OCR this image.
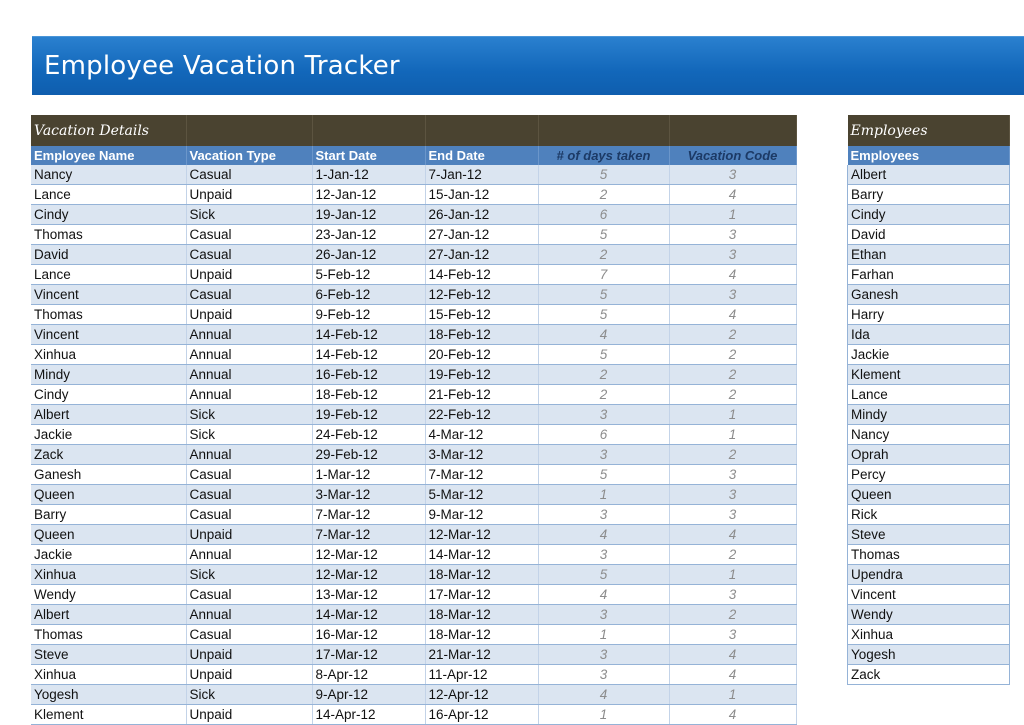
Employee Vacation Tracker
Vacation Details					
Employee Name	Vacation Type	Start Date	End Date	# of days taken	Vacation Code
Nancy	Casual	1-Jan-12	7-Jan-12	5	3
Lance	Unpaid	12-Jan-12	15-Jan-12	2	4
Cindy	Sick	19-Jan-12	26-Jan-12	6	1
Thomas	Casual	23-Jan-12	27-Jan-12	5	3
David	Casual	26-Jan-12	27-Jan-12	2	3
Lance	Unpaid	5-Feb-12	14-Feb-12	7	4
Vincent	Casual	6-Feb-12	12-Feb-12	5	3
Thomas	Unpaid	9-Feb-12	15-Feb-12	5	4
Vincent	Annual	14-Feb-12	18-Feb-12	4	2
Xinhua	Annual	14-Feb-12	20-Feb-12	5	2
Mindy	Annual	16-Feb-12	19-Feb-12	2	2
Cindy	Annual	18-Feb-12	21-Feb-12	2	2
Albert	Sick	19-Feb-12	22-Feb-12	3	1
Jackie	Sick	24-Feb-12	4-Mar-12	6	1
Zack	Annual	29-Feb-12	3-Mar-12	3	2
Ganesh	Casual	1-Mar-12	7-Mar-12	5	3
Queen	Casual	3-Mar-12	5-Mar-12	1	3
Barry	Casual	7-Mar-12	9-Mar-12	3	3
Queen	Unpaid	7-Mar-12	12-Mar-12	4	4
Jackie	Annual	12-Mar-12	14-Mar-12	3	2
Xinhua	Sick	12-Mar-12	18-Mar-12	5	1
Wendy	Casual	13-Mar-12	17-Mar-12	4	3
Albert	Annual	14-Mar-12	18-Mar-12	3	2
Thomas	Casual	16-Mar-12	18-Mar-12	1	3
Steve	Unpaid	17-Mar-12	21-Mar-12	3	4
Xinhua	Unpaid	8-Apr-12	11-Apr-12	3	4
Yogesh	Sick	9-Apr-12	12-Apr-12	4	1
Klement	Unpaid	14-Apr-12	16-Apr-12	1	4
Employees
Employees
Albert
Barry
Cindy
David
Ethan
Farhan
Ganesh
Harry
Ida
Jackie
Klement
Lance
Mindy
Nancy
Oprah
Percy
Queen
Rick
Steve
Thomas
Upendra
Vincent
Wendy
Xinhua
Yogesh
Zack
